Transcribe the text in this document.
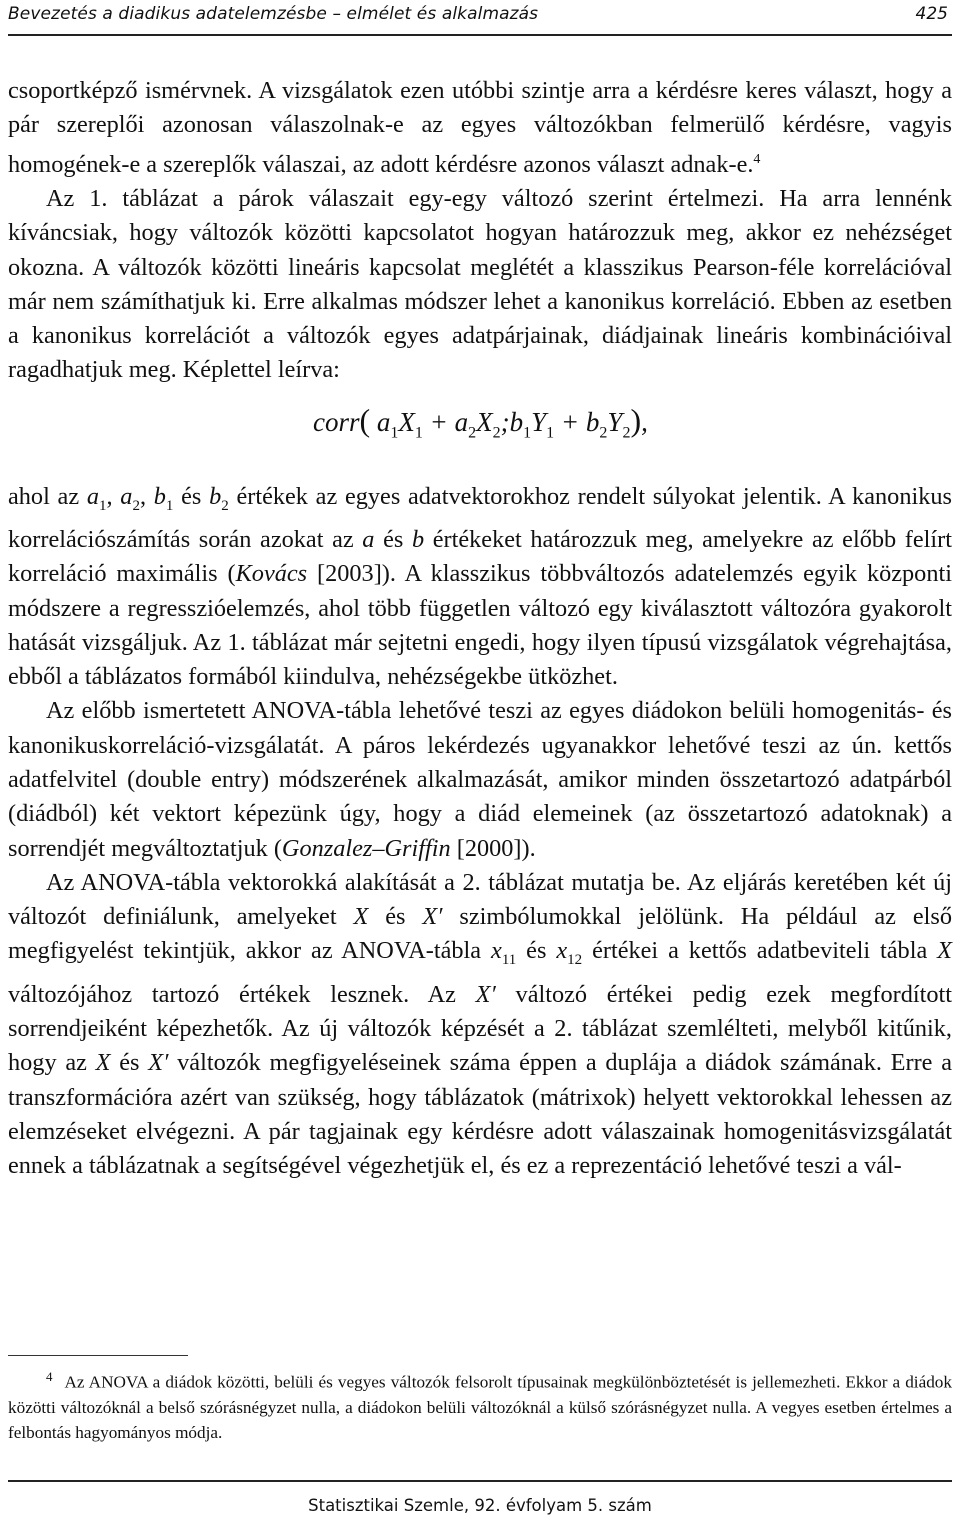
Bevezetés a diadikus adatelemzésbe – elmélet és alkalmazás	425

csoportképző ismérvnek. A vizsgálatok ezen utóbbi szintje arra a kérdésre keres választ, hogy a pár szereplői azonosan válaszolnak-e az egyes változókban felmerülő kérdésre, vagyis homogének-e a szereplők válaszai, az adott kérdésre azonos választ adnak-e.$^4$

Az 1. táblázat a párok válaszait egy-egy változó szerint értelmezi. Ha arra lennénk kíváncsiak, hogy változók közötti kapcsolatot hogyan határozzuk meg, akkor ez nehézséget okozna. A változók közötti lineáris kapcsolat meglétét a klasszikus Pearson-féle korrelációval már nem számíthatjuk ki. Erre alkalmas módszer lehet a kanonikus korreláció. Ebben az esetben a kanonikus korrelációt a változók egyes adatpárjainak, diádjainak lineáris kombinációival ragadhatjuk meg. Képlettel leírva:

corr( $a_1X_1$ + $a_2X_2;b_1Y_1 + b_2Y_2$),

ahol az $a_1$, $a_2$, $b_1$ és $b_2$ értékek az egyes adatvektorokhoz rendelt súlyokat jelentik. A kanonikus korrelációszámítás során azokat az a és b értékeket határozzuk meg, amelyekre az előbb felírt korreláció maximális (Kovács [2003]). A klasszikus többváltozós adatelemzés egyik központi módszere a regresszióelemzés, ahol több független változó egy kiválasztott változóra gyakorolt hatását vizsgáljuk. Az 1. táblázat már sejtetni engedi, hogy ilyen típusú vizsgálatok végrehajtása, ebből a táblázatos formából kiindulva, nehézségekbe ütközhet.

Az előbb ismertetett ANOVA-tábla lehetővé teszi az egyes diádokon belüli homogenitás- és kanonikuskorreláció-vizsgálatát. A páros lekérdezés ugyanakkor lehetővé teszi az ún. kettős adatfelvitel (double entry) módszerének alkalmazását, amikor minden összetartozó adatpárból (diádból) két vektort képezünk úgy, hogy a diád elemeinek (az összetartozó adatoknak) a sorrendjét megváltoztatjuk (Gonzalez–Griffin [2000]).

Az ANOVA-tábla vektorokká alakítását a 2. táblázat mutatja be. Az eljárás keretében két új változót definiálunk, amelyeket X és X′ szimbólumokkal jelölünk. Ha például az első megfigyelést tekintjük, akkor az ANOVA-tábla $x_{11}$ és $x_{12}$ értékei a kettős adatbeviteli tábla X változójához tartozó értékek lesznek. Az X′ változó értékei pedig ezek megfordított sorrendjeiként képezhetők. Az új változók képzését a 2. táblázat szemlélteti, melyből kitűnik, hogy az X és X′ változók megfigyeléseinek száma éppen a duplája a diádok számának. Erre a transzformációra azért van szükség, hogy táblázatok (mátrixok) helyett vektorokkal lehessen az elemzéseket elvégezni. A pár tagjainak egy kérdésre adott válaszainak homogenitásvizsgálatát ennek a táblázatnak a segítségével végezhetjük el, és ez a reprezentáció lehetővé teszi a vál-

4 Az ANOVA a diádok közötti, belüli és vegyes változók felsorolt típusainak megkülönböztetését is jellemezheti. Ekkor a diádok közötti változóknál a belső szórásnégyzet nulla, a diádokon belüli változóknál a külső szórásnégyzet nulla. A vegyes esetben értelmes a felbontás hagyományos módja.
Statisztikai Szemle, 92. évfolyam 5. szám
